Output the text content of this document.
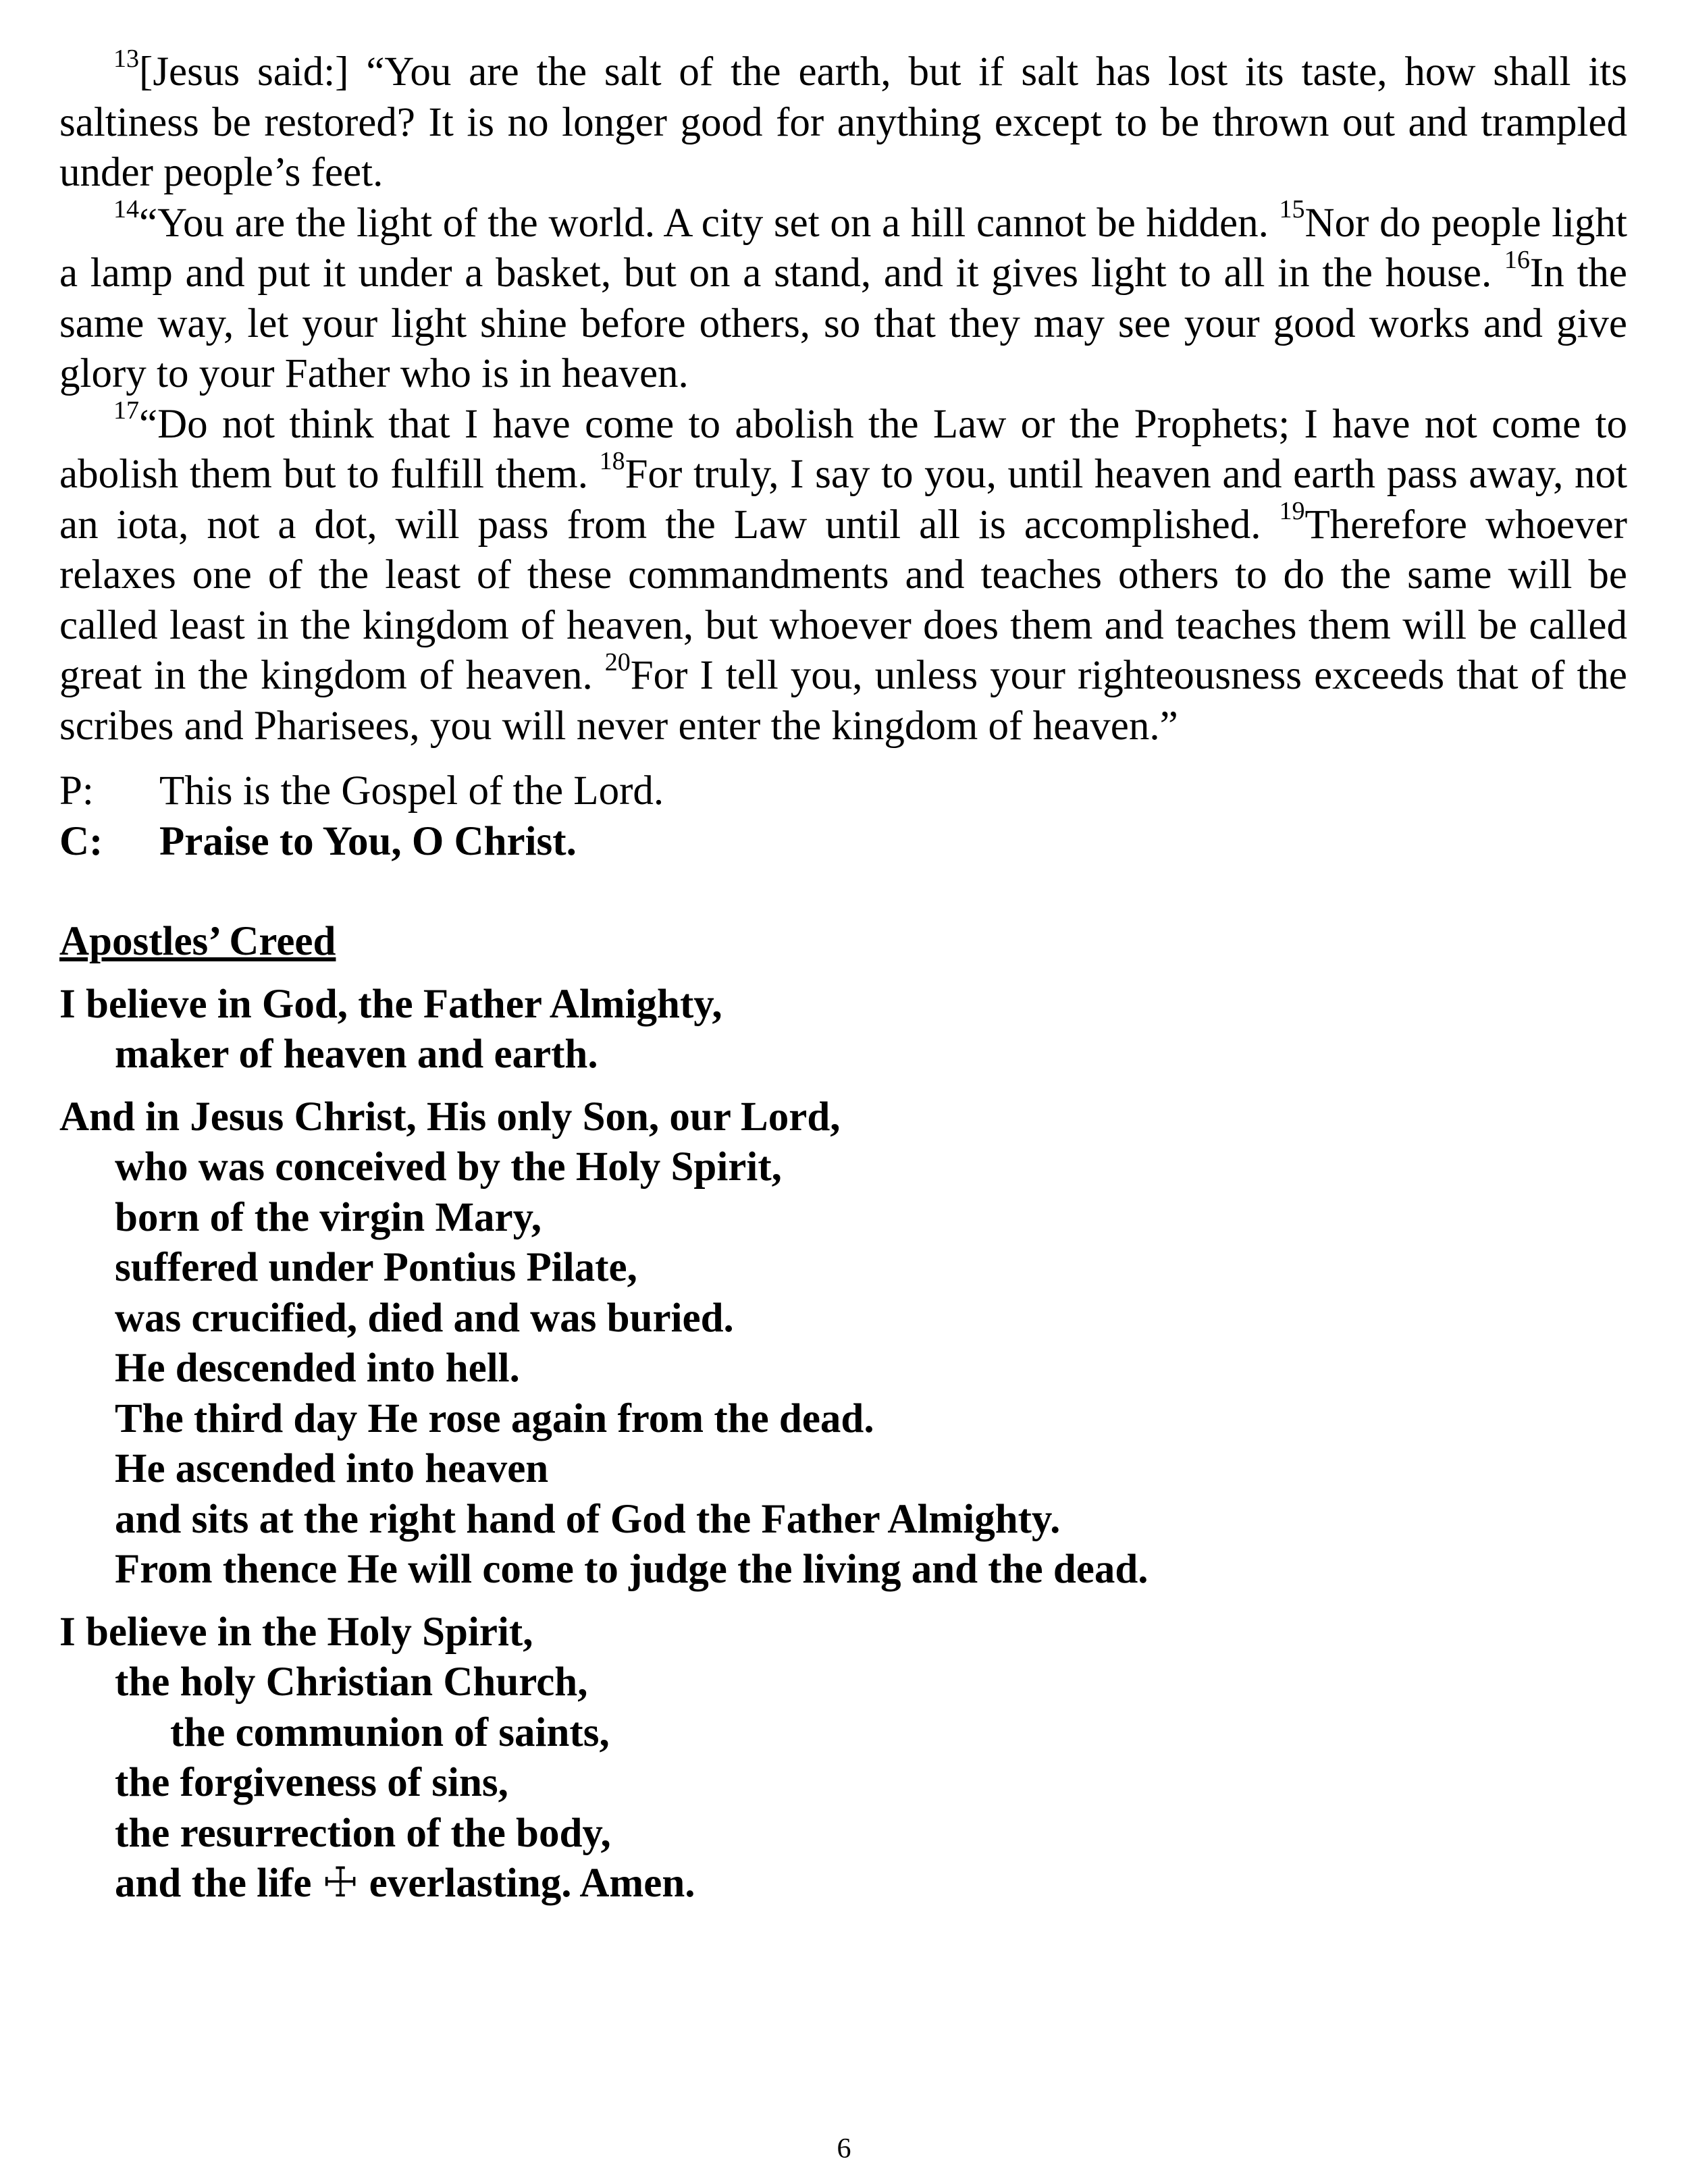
$^{13}$[Jesus said:] “You are the salt of the earth, but if salt has lost its taste, how shall its saltiness be restored? It is no longer good for anything except to be thrown out and trampled under people’s feet.

$^{14}$“You are the light of the world. A city set on a hill cannot be hidden. $^{15}$Nor do people light a lamp and put it under a basket, but on a stand, and it gives light to all in the house. $^{16}$In the same way, let your light shine before others, so that they may see your good works and give glory to your Father who is in heaven.

$^{17}$“Do not think that I have come to abolish the Law or the Prophets; I have not come to abolish them but to fulfill them. $^{18}$For truly, I say to you, until heaven and earth pass away, not an iota, not a dot, will pass from the Law until all is accomplished. $^{19}$Therefore whoever relaxes one of the least of these commandments and teaches others to do the same will be called least in the kingdom of heaven, but whoever does them and teaches them will be called great in the kingdom of heaven. $^{20}$For I tell you, unless your righteousness exceeds that of the scribes and Pharisees, you will never enter the kingdom of heaven.”

P:	This is the Gospel of the Lord.
C:	Praise to You, O Christ.
Apostles’ Creed
I believe in God, the Father Almighty,
maker of heaven and earth.
And in Jesus Christ, His only Son, our Lord,
who was conceived by the Holy Spirit,
born of the virgin Mary,
suffered under Pontius Pilate,
was crucified, died and was buried.
He descended into hell.
The third day He rose again from the dead.
He ascended into heaven
and sits at the right hand of God the Father Almighty.
From thence He will come to judge the living and the dead.
I believe in the Holy Spirit,
the holy Christian Church,
the communion of saints,
the forgiveness of sins,
the resurrection of the body,
and the life ☩ everlasting. Amen.
6
